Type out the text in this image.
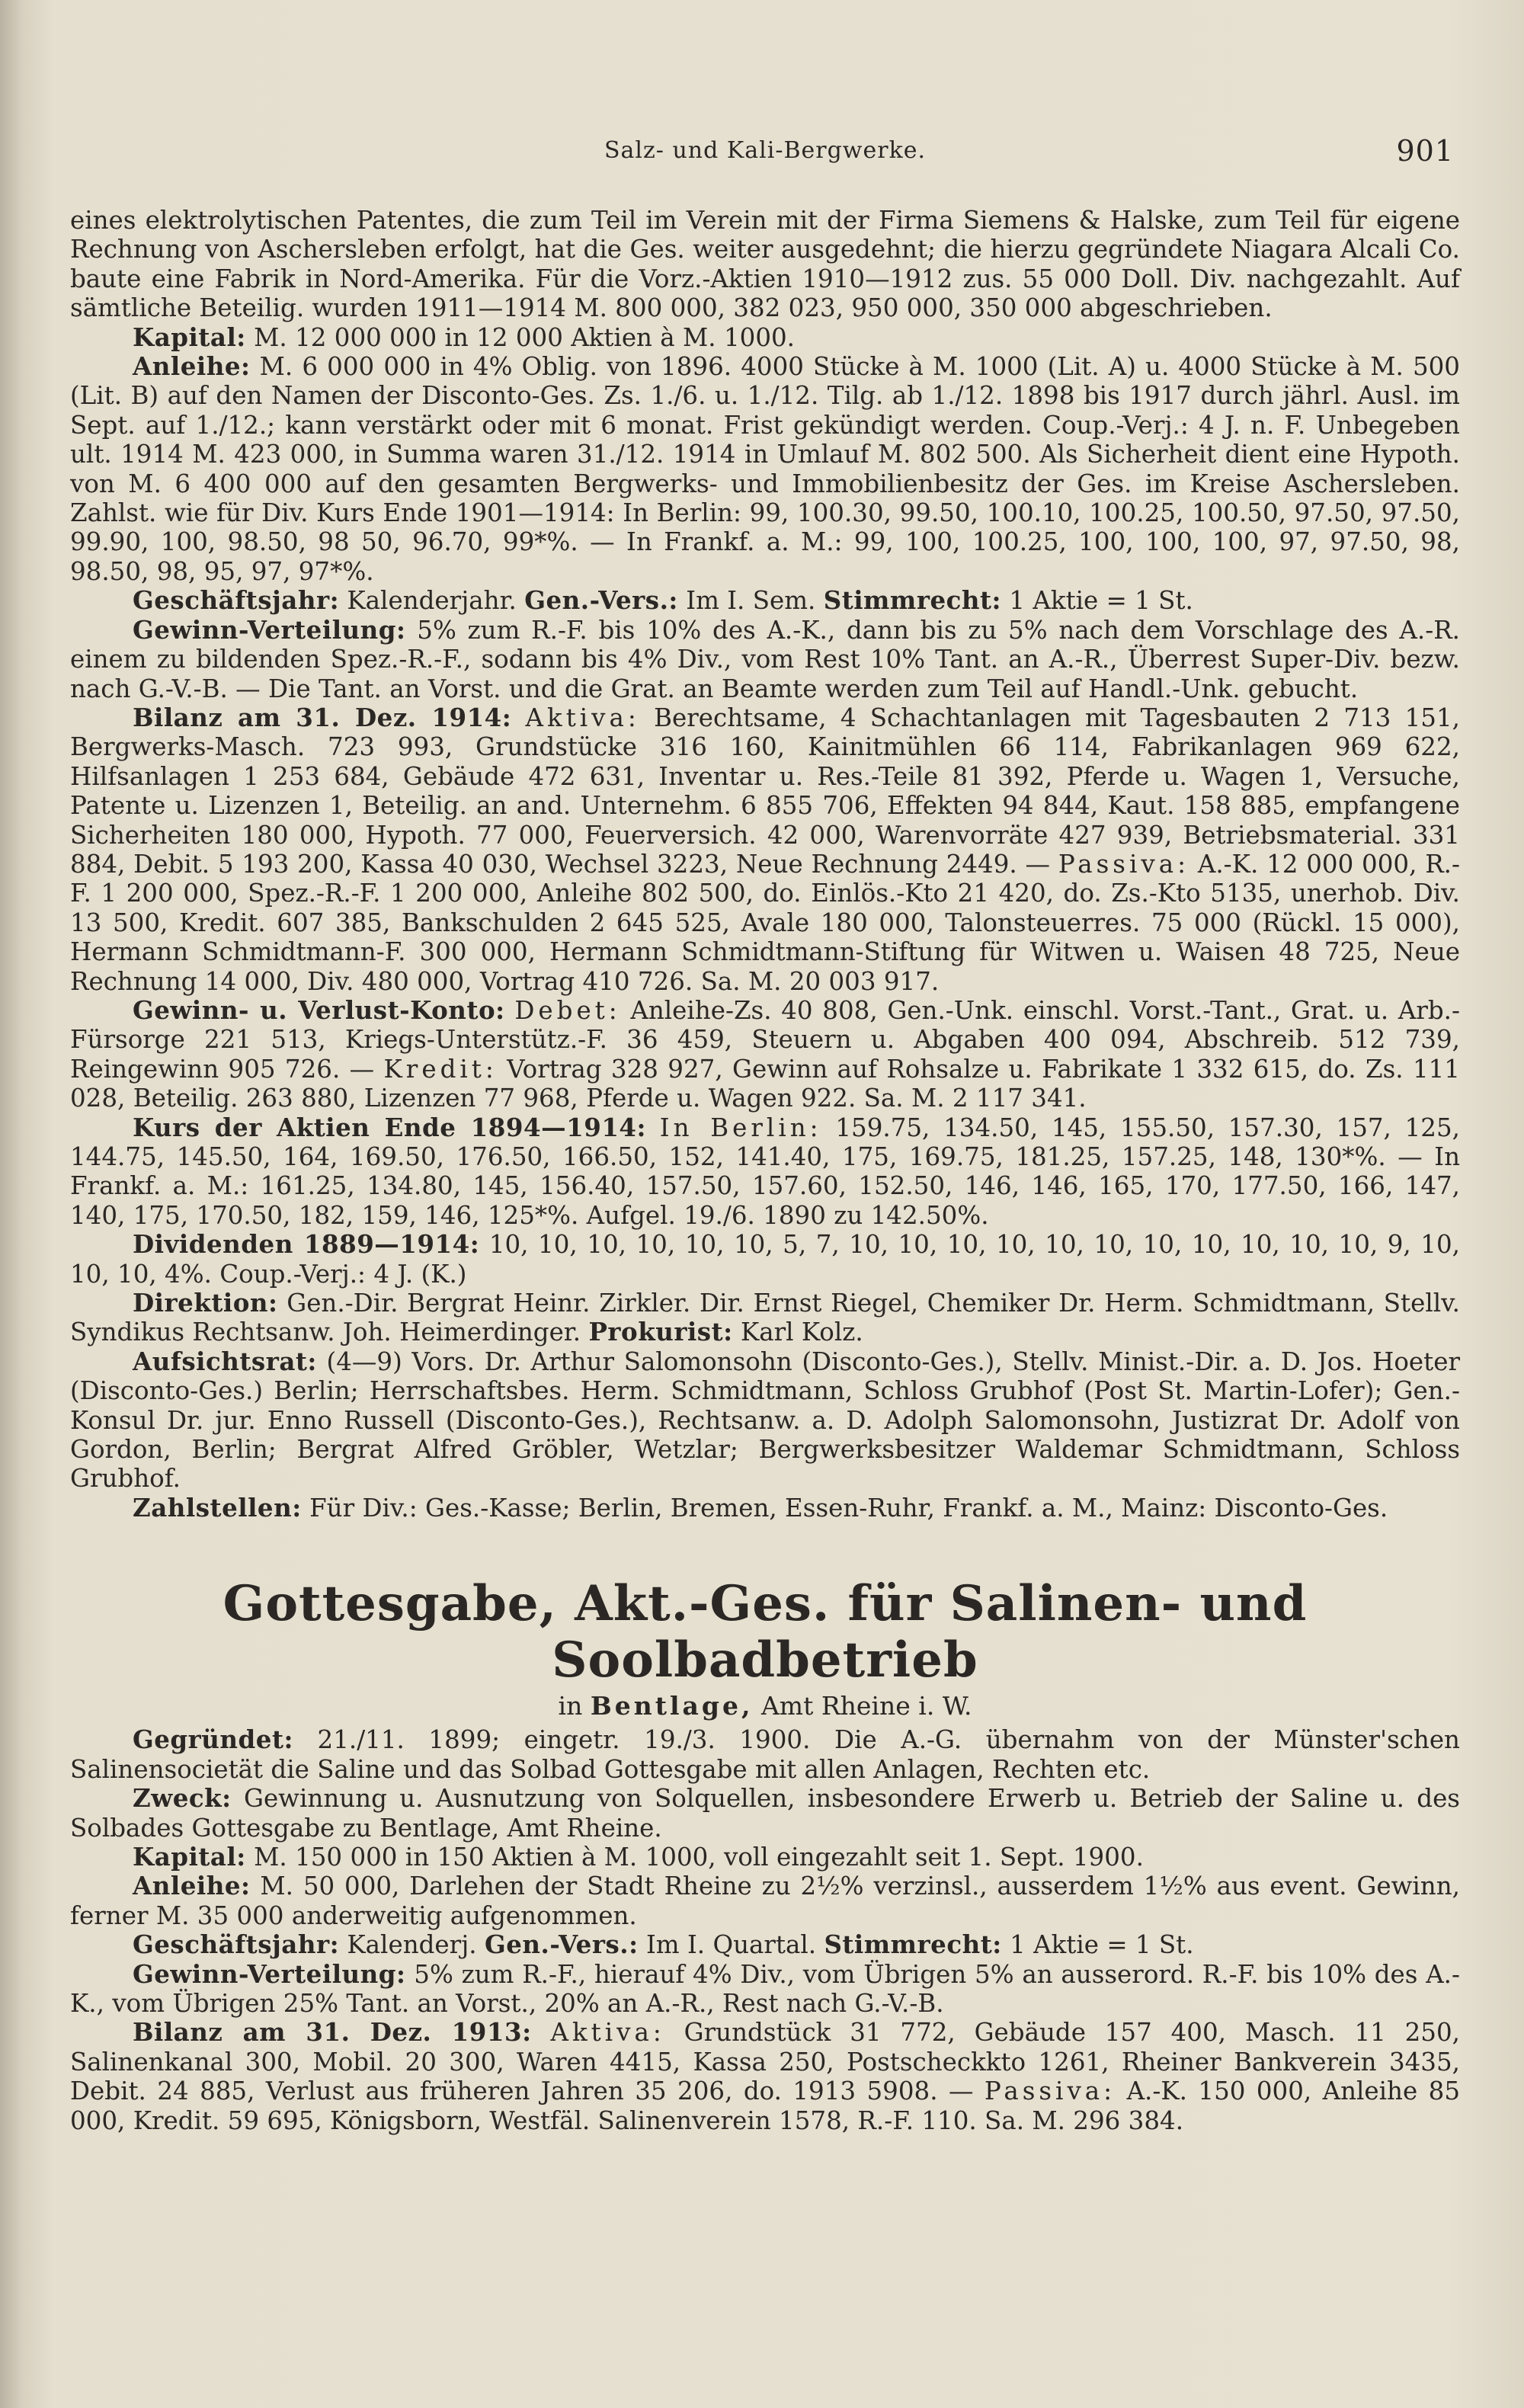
Salz- und Kali-Bergwerke.	901

eines elektrolytischen Patentes, die zum Teil im Verein mit der Firma Siemens & Halske, zum Teil für eigene Rechnung von Aschersleben erfolgt, hat die Ges. weiter ausgedehnt; die hierzu gegründete Niagara Alcali Co. baute eine Fabrik in Nord-Amerika. Für die Vorz.-Aktien 1910—1912 zus. 55 000 Doll. Div. nachgezahlt. Auf sämtliche Beteilig. wurden 1911—1914 M. 800 000, 382 023, 950 000, 350 000 abgeschrieben.

Kapital: M. 12 000 000 in 12 000 Aktien à M. 1000.

Anleihe: M. 6 000 000 in 4% Oblig. von 1896. 4000 Stücke à M. 1000 (Lit. A) u. 4000 Stücke à M. 500 (Lit. B) auf den Namen der Disconto-Ges. Zs. 1./6. u. 1./12. Tilg. ab 1./12. 1898 bis 1917 durch jährl. Ausl. im Sept. auf 1./12.; kann verstärkt oder mit 6 monat. Frist gekündigt werden. Coup.-Verj.: 4 J. n. F. Unbegeben ult. 1914 M. 423 000, in Summa waren 31./12. 1914 in Umlauf M. 802 500. Als Sicherheit dient eine Hypoth. von M. 6 400 000 auf den gesamten Bergwerks- und Immobilienbesitz der Ges. im Kreise Aschersleben. Zahlst. wie für Div. Kurs Ende 1901—1914: In Berlin: 99, 100.30, 99.50, 100.10, 100.25, 100.50, 97.50, 97.50, 99.90, 100, 98.50, 98 50, 96.70, 99*%. — In Frankf. a. M.: 99, 100, 100.25, 100, 100, 100, 97, 97.50, 98, 98.50, 98, 95, 97, 97*%.

Geschäftsjahr: Kalenderjahr. Gen.-Vers.: Im I. Sem. Stimmrecht: 1 Aktie = 1 St.

Gewinn-Verteilung: 5% zum R.-F. bis 10% des A.-K., dann bis zu 5% nach dem Vorschlage des A.-R. einem zu bildenden Spez.-R.-F., sodann bis 4% Div., vom Rest 10% Tant. an A.-R., Überrest Super-Div. bezw. nach G.-V.-B. — Die Tant. an Vorst. und die Grat. an Beamte werden zum Teil auf Handl.-Unk. gebucht.

Bilanz am 31. Dez. 1914: Aktiva: Berechtsame, 4 Schachtanlagen mit Tagesbauten 2 713 151, Bergwerks-Masch. 723 993, Grundstücke 316 160, Kainitmühlen 66 114, Fabrikanlagen 969 622, Hilfsanlagen 1 253 684, Gebäude 472 631, Inventar u. Res.-Teile 81 392, Pferde u. Wagen 1, Versuche, Patente u. Lizenzen 1, Beteilig. an and. Unternehm. 6 855 706, Effekten 94 844, Kaut. 158 885, empfangene Sicherheiten 180 000, Hypoth. 77 000, Feuerversich. 42 000, Warenvorräte 427 939, Betriebsmaterial. 331 884, Debit. 5 193 200, Kassa 40 030, Wechsel 3223, Neue Rechnung 2449. — Passiva: A.-K. 12 000 000, R.-F. 1 200 000, Spez.-R.-F. 1 200 000, Anleihe 802 500, do. Einlös.-Kto 21 420, do. Zs.-Kto 5135, unerhob. Div. 13 500, Kredit. 607 385, Bankschulden 2 645 525, Avale 180 000, Talonsteuerres. 75 000 (Rückl. 15 000), Hermann Schmidtmann-F. 300 000, Hermann Schmidtmann-Stiftung für Witwen u. Waisen 48 725, Neue Rechnung 14 000, Div. 480 000, Vortrag 410 726. Sa. M. 20 003 917.

Gewinn- u. Verlust-Konto: Debet: Anleihe-Zs. 40 808, Gen.-Unk. einschl. Vorst.-Tant., Grat. u. Arb.-Fürsorge 221 513, Kriegs-Unterstütz.-F. 36 459, Steuern u. Abgaben 400 094, Abschreib. 512 739, Reingewinn 905 726. — Kredit: Vortrag 328 927, Gewinn auf Rohsalze u. Fabrikate 1 332 615, do. Zs. 111 028, Beteilig. 263 880, Lizenzen 77 968, Pferde u. Wagen 922. Sa. M. 2 117 341.

Kurs der Aktien Ende 1894—1914: In Berlin: 159.75, 134.50, 145, 155.50, 157.30, 157, 125, 144.75, 145.50, 164, 169.50, 176.50, 166.50, 152, 141.40, 175, 169.75, 181.25, 157.25, 148, 130*%. — In Frankf. a. M.: 161.25, 134.80, 145, 156.40, 157.50, 157.60, 152.50, 146, 146, 165, 170, 177.50, 166, 147, 140, 175, 170.50, 182, 159, 146, 125*%. Aufgel. 19./6. 1890 zu 142.50%.

Dividenden 1889—1914: 10, 10, 10, 10, 10, 10, 5, 7, 10, 10, 10, 10, 10, 10, 10, 10, 10, 10, 10, 9, 10, 10, 10, 4%. Coup.-Verj.: 4 J. (K.)

Direktion: Gen.-Dir. Bergrat Heinr. Zirkler. Dir. Ernst Riegel, Chemiker Dr. Herm. Schmidtmann, Stellv. Syndikus Rechtsanw. Joh. Heimerdinger. Prokurist: Karl Kolz.

Aufsichtsrat: (4—9) Vors. Dr. Arthur Salomonsohn (Disconto-Ges.), Stellv. Minist.-Dir. a. D. Jos. Hoeter (Disconto-Ges.) Berlin; Herrschaftsbes. Herm. Schmidtmann, Schloss Grubhof (Post St. Martin-Lofer); Gen.-Konsul Dr. jur. Enno Russell (Disconto-Ges.), Rechtsanw. a. D. Adolph Salomonsohn, Justizrat Dr. Adolf von Gordon, Berlin; Bergrat Alfred Gröbler, Wetzlar; Bergwerksbesitzer Waldemar Schmidtmann, Schloss Grubhof.

Zahlstellen: Für Div.: Ges.-Kasse; Berlin, Bremen, Essen-Ruhr, Frankf. a. M., Mainz: Disconto-Ges.

Gottesgabe, Akt.-Ges. für Salinen- und Soolbadbetrieb
in Bentlage, Amt Rheine i. W.

Gegründet: 21./11. 1899; eingetr. 19./3. 1900. Die A.-G. übernahm von der Münster'schen Salinensocietät die Saline und das Solbad Gottesgabe mit allen Anlagen, Rechten etc.

Zweck: Gewinnung u. Ausnutzung von Solquellen, insbesondere Erwerb u. Betrieb der Saline u. des Solbades Gottesgabe zu Bentlage, Amt Rheine.

Kapital: M. 150 000 in 150 Aktien à M. 1000, voll eingezahlt seit 1. Sept. 1900.

Anleihe: M. 50 000, Darlehen der Stadt Rheine zu 2½% verzinsl., ausserdem 1½% aus event. Gewinn, ferner M. 35 000 anderweitig aufgenommen.

Geschäftsjahr: Kalenderj. Gen.-Vers.: Im I. Quartal. Stimmrecht: 1 Aktie = 1 St.

Gewinn-Verteilung: 5% zum R.-F., hierauf 4% Div., vom Übrigen 5% an ausserord. R.-F. bis 10% des A.-K., vom Übrigen 25% Tant. an Vorst., 20% an A.-R., Rest nach G.-V.-B.

Bilanz am 31. Dez. 1913: Aktiva: Grundstück 31 772, Gebäude 157 400, Masch. 11 250, Salinenkanal 300, Mobil. 20 300, Waren 4415, Kassa 250, Postscheckkto 1261, Rheiner Bankverein 3435, Debit. 24 885, Verlust aus früheren Jahren 35 206, do. 1913 5908. — Passiva: A.-K. 150 000, Anleihe 85 000, Kredit. 59 695, Königsborn, Westfäl. Salinenverein 1578, R.-F. 110. Sa. M. 296 384.
